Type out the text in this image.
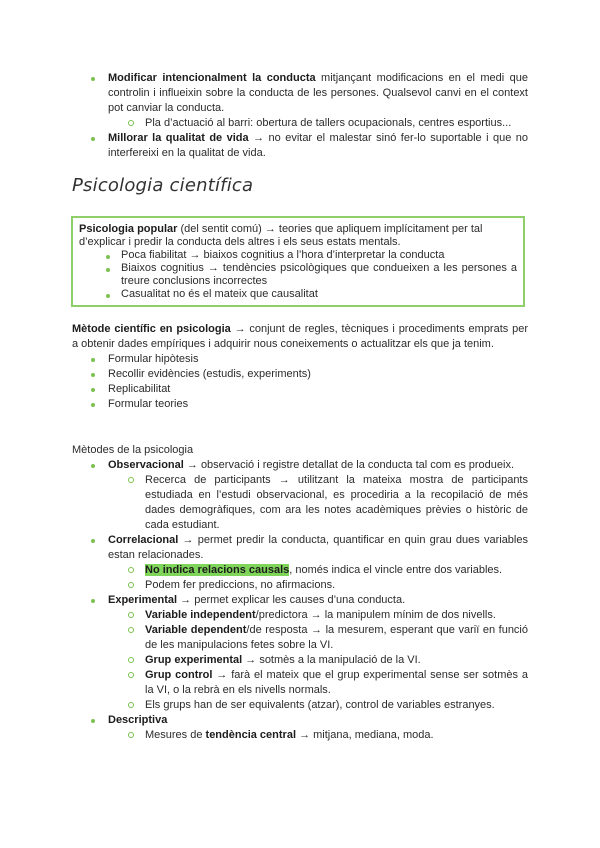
Modificar intencionalment la conducta mitjançant modificacions en el medi que controlin i influeixin sobre la conducta de les persones. Qualsevol canvi en el context pot canviar la conducta.
Pla d’actuació al barri: obertura de tallers ocupacionals, centres esportius...
Millorar la qualitat de vida → no evitar el malestar sinó fer-lo suportable i que no interfereixi en la qualitat de vida.
Psicologia científica
Psicologia popular (del sentit comú) → teories que apliquem implícitament per tal d’explicar i predir la conducta dels altres i els seus estats mentals.
Poca fiabilitat → biaixos cognitius a l’hora d’interpretar la conducta
Biaixos cognitius → tendències psicològiques que condueixen a les persones a treure conclusions incorrectes
Casualitat no és el mateix que causalitat
Mètode científic en psicologia → conjunt de regles, tècniques i procediments emprats per a obtenir dades empíriques i adquirir nous coneixements o actualitzar els que ja tenim.
Formular hipòtesis
Recollir evidències (estudis, experiments)
Replicabilitat
Formular teories
Mètodes de la psicologia
Observacional → observació i registre detallat de la conducta tal com es produeix.
Recerca de participants → utilitzant la mateixa mostra de participants estudiada en l’estudi observacional, es procediria a la recopilació de més dades demogràfiques, com ara les notes acadèmiques prèvies o històric de cada estudiant.
Correlacional → permet predir la conducta, quantificar en quin grau dues variables estan relacionades.
No indica relacions causals, només indica el vincle entre dos variables.
Podem fer prediccions, no afirmacions.
Experimental → permet explicar les causes d’una conducta.
Variable independent/predictora → la manipulem mínim de dos nivells.
Variable dependent/de resposta → la mesurem, esperant que variï en funció de les manipulacions fetes sobre la VI.
Grup experimental → sotmès a la manipulació de la VI.
Grup control → farà el mateix que el grup experimental sense ser sotmès a la VI, o la rebrà en els nivells normals.
Els grups han de ser equivalents (atzar), control de variables estranyes.
Descriptiva
Mesures de tendència central → mitjana, mediana, moda.
